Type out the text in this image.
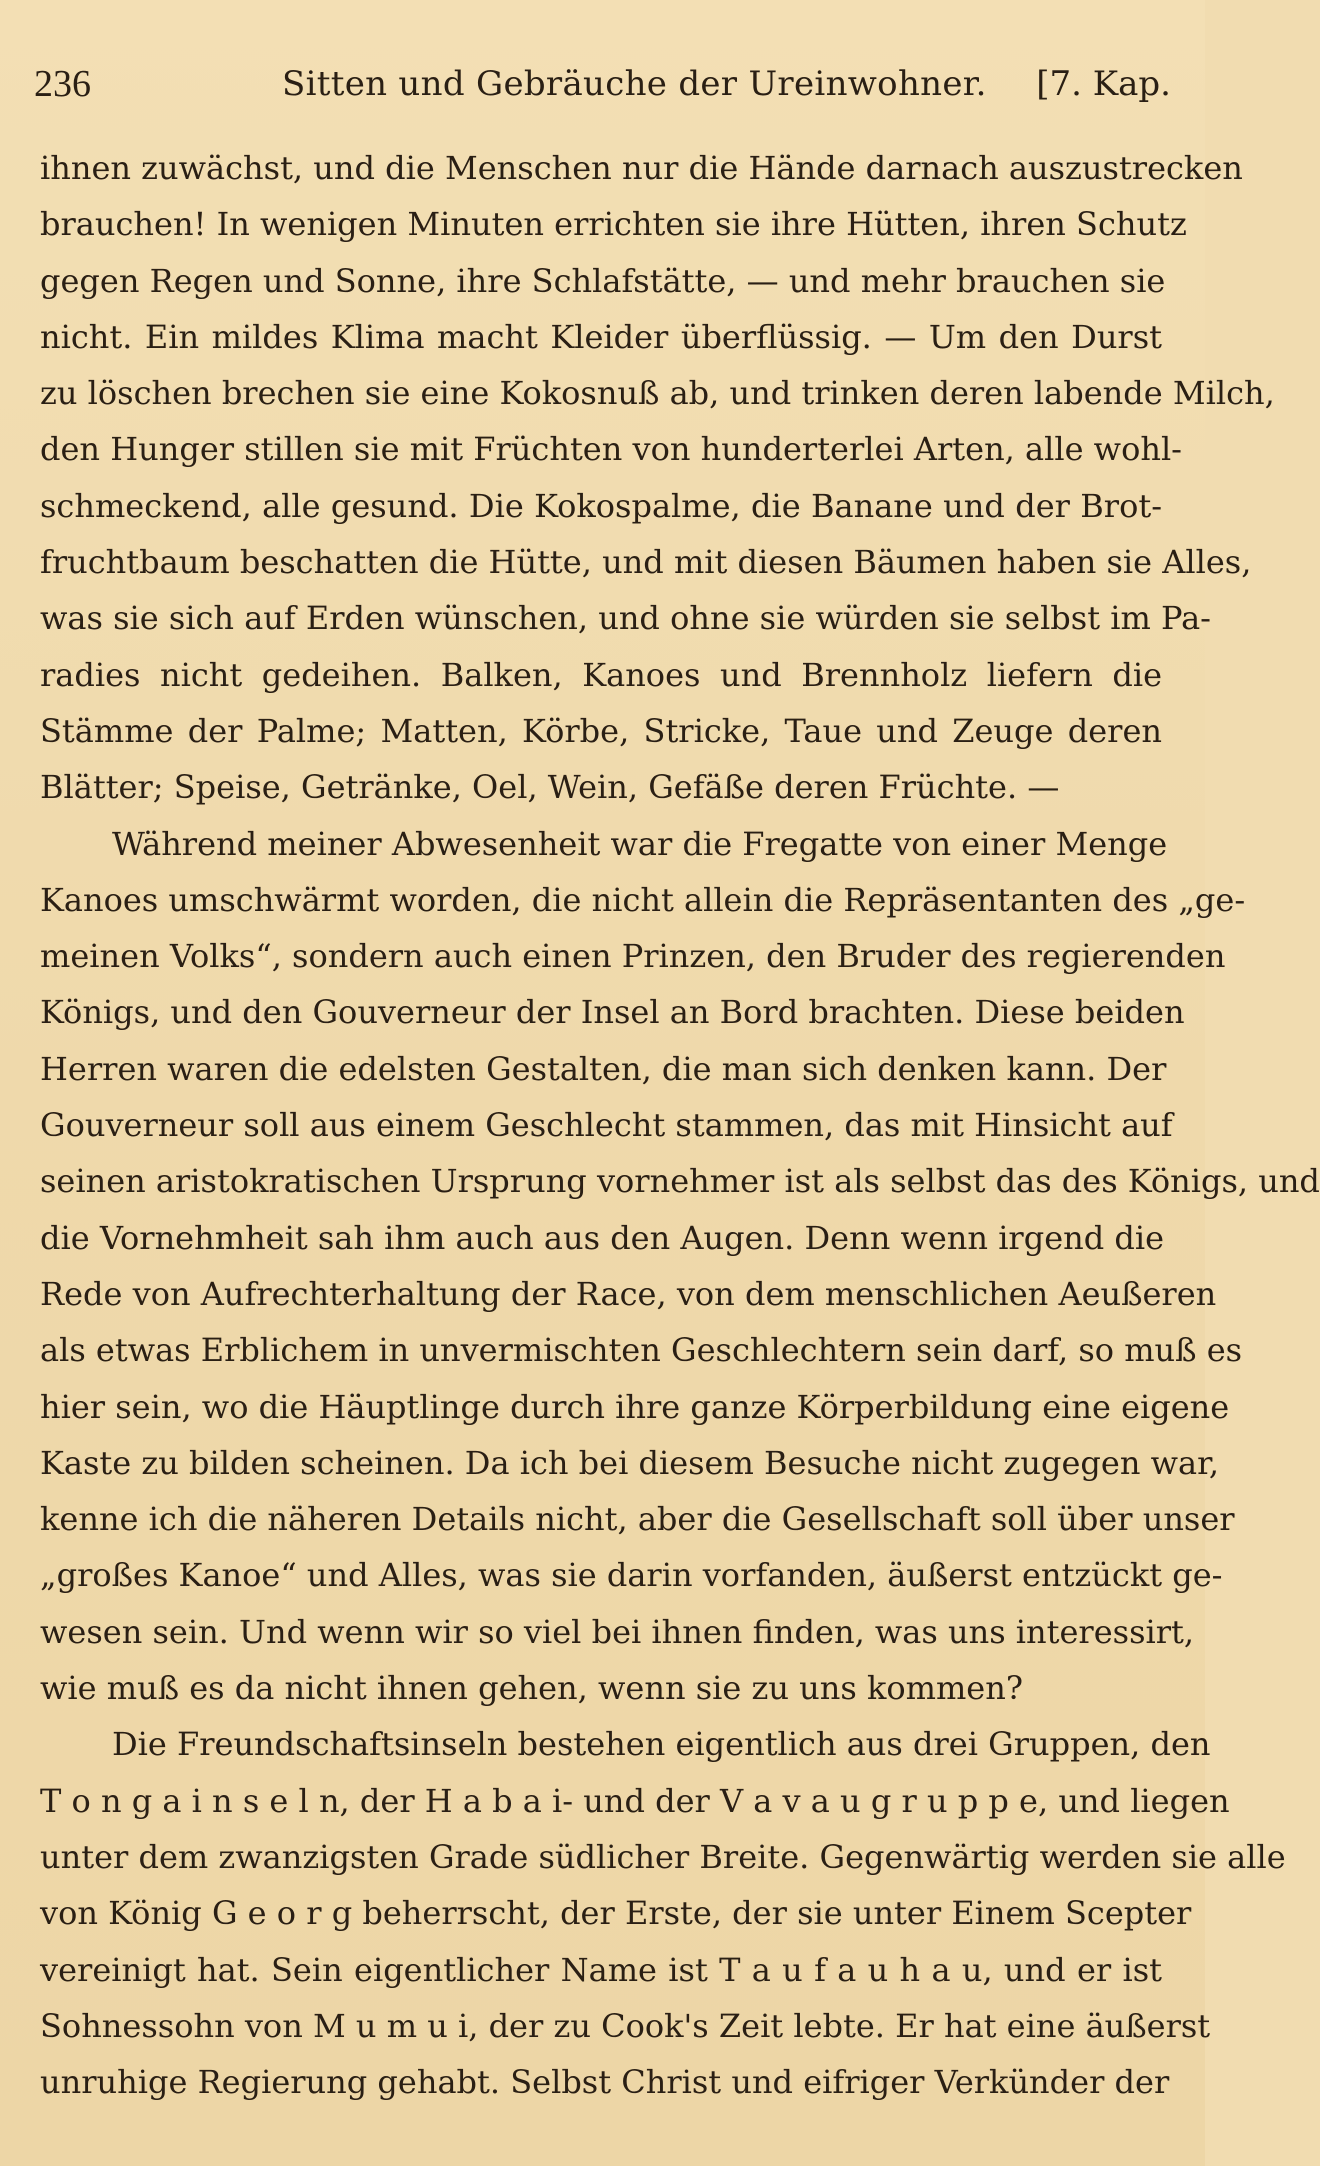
236	Sitten und Gebräuche der Ureinwohner. [7. Kap.
ihnen zuwächst, und die Menschen nur die Hände darnach auszustrecken
brauchen! In wenigen Minuten errichten sie ihre Hütten, ihren Schutz
gegen Regen und Sonne, ihre Schlafstätte, — und mehr brauchen sie
nicht. Ein mildes Klima macht Kleider überflüssig. — Um den Durst
zu löschen brechen sie eine Kokosnuß ab, und trinken deren labende Milch,
den Hunger stillen sie mit Früchten von hunderterlei Arten, alle wohl-
schmeckend, alle gesund. Die Kokospalme, die Banane und der Brot-
fruchtbaum beschatten die Hütte, und mit diesen Bäumen haben sie Alles,
was sie sich auf Erden wünschen, und ohne sie würden sie selbst im Pa-
radies nicht gedeihen. Balken, Kanoes und Brennholz liefern die
Stämme der Palme; Matten, Körbe, Stricke, Taue und Zeuge deren
Blätter; Speise, Getränke, Oel, Wein, Gefäße deren Früchte. —
Während meiner Abwesenheit war die Fregatte von einer Menge
Kanoes umschwärmt worden, die nicht allein die Repräsentanten des „ge-
meinen Volks“, sondern auch einen Prinzen, den Bruder des regierenden
Königs, und den Gouverneur der Insel an Bord brachten. Diese beiden
Herren waren die edelsten Gestalten, die man sich denken kann. Der
Gouverneur soll aus einem Geschlecht stammen, das mit Hinsicht auf
seinen aristokratischen Ursprung vornehmer ist als selbst das des Königs, und
die Vornehmheit sah ihm auch aus den Augen. Denn wenn irgend die
Rede von Aufrechterhaltung der Race, von dem menschlichen Aeußeren
als etwas Erblichem in unvermischten Geschlechtern sein darf, so muß es
hier sein, wo die Häuptlinge durch ihre ganze Körperbildung eine eigene
Kaste zu bilden scheinen. Da ich bei diesem Besuche nicht zugegen war,
kenne ich die näheren Details nicht, aber die Gesellschaft soll über unser
„großes Kanoe“ und Alles, was sie darin vorfanden, äußerst entzückt ge-
wesen sein. Und wenn wir so viel bei ihnen finden, was uns interessirt,
wie muß es da nicht ihnen gehen, wenn sie zu uns kommen?
Die Freundschaftsinseln bestehen eigentlich aus drei Gruppen, den
T o n g a i n s e l n, der H a b a i- und der V a v a u g r u p p e, und liegen
unter dem zwanzigsten Grade südlicher Breite. Gegenwärtig werden sie alle
von König G e o r g beherrscht, der Erste, der sie unter Einem Scepter
vereinigt hat. Sein eigentlicher Name ist T a u f a u h a u, und er ist
Sohnessohn von M u m u i, der zu Cook's Zeit lebte. Er hat eine äußerst
unruhige Regierung gehabt. Selbst Christ und eifriger Verkünder der
